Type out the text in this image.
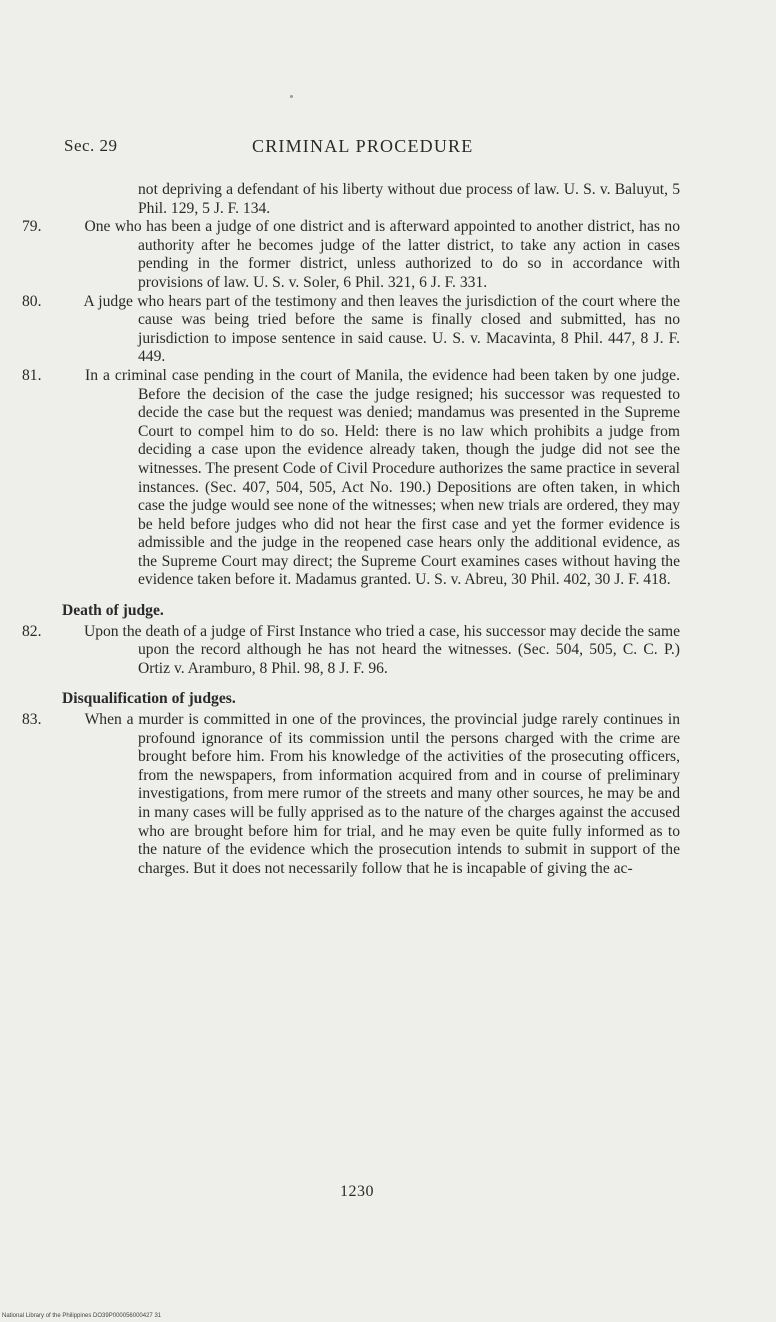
Sec. 29	CRIMINAL PROCEDURE
not depriving a defendant of his liberty without due process of law. U. S. v. Baluyut, 5 Phil. 129, 5 J. F. 134.
79.	One who has been a judge of one district and is afterward appointed to another district, has no authority after he becomes judge of the latter district, to take any action in cases pending in the former district, unless authorized to do so in accordance with provisions of law. U. S. v. Soler, 6 Phil. 321, 6 J. F. 331.
80.	A judge who hears part of the testimony and then leaves the jurisdiction of the court where the cause was being tried before the same is finally closed and submitted, has no jurisdiction to impose sentence in said cause. U. S. v. Macavinta, 8 Phil. 447, 8 J. F. 449.
81.	In a criminal case pending in the court of Manila, the evidence had been taken by one judge. Before the decision of the case the judge resigned; his successor was requested to decide the case but the request was denied; mandamus was presented in the Supreme Court to compel him to do so. Held: there is no law which prohibits a judge from deciding a case upon the evidence already taken, though the judge did not see the witnesses. The present Code of Civil Procedure authorizes the same practice in several instances. (Sec. 407, 504, 505, Act No. 190.) Depositions are often taken, in which case the judge would see none of the witnesses; when new trials are ordered, they may be held before judges who did not hear the first case and yet the former evidence is admissible and the judge in the reopened case hears only the additional evidence, as the Supreme Court may direct; the Supreme Court examines cases without having the evidence taken before it. Madamus granted. U. S. v. Abreu, 30 Phil. 402, 30 J. F. 418.
Death of judge.
82.	Upon the death of a judge of First Instance who tried a case, his successor may decide the same upon the record although he has not heard the witnesses. (Sec. 504, 505, C. C. P.) Ortiz v. Aramburo, 8 Phil. 98, 8 J. F. 96.
Disqualification of judges.
83.	When a murder is committed in one of the provinces, the provincial judge rarely continues in profound ignorance of its commission until the persons charged with the crime are brought before him. From his knowledge of the activities of the prosecuting officers, from the newspapers, from information acquired from and in course of preliminary investigations, from mere rumor of the streets and many other sources, he may be and in many cases will be fully apprised as to the nature of the charges against the accused who are brought before him for trial, and he may even be quite fully informed as to the nature of the evidence which the prosecution intends to submit in support of the charges. But it does not necessarily follow that he is incapable of giving the ac-
1230
National Library of the Philippines DO39P000056000427 31
